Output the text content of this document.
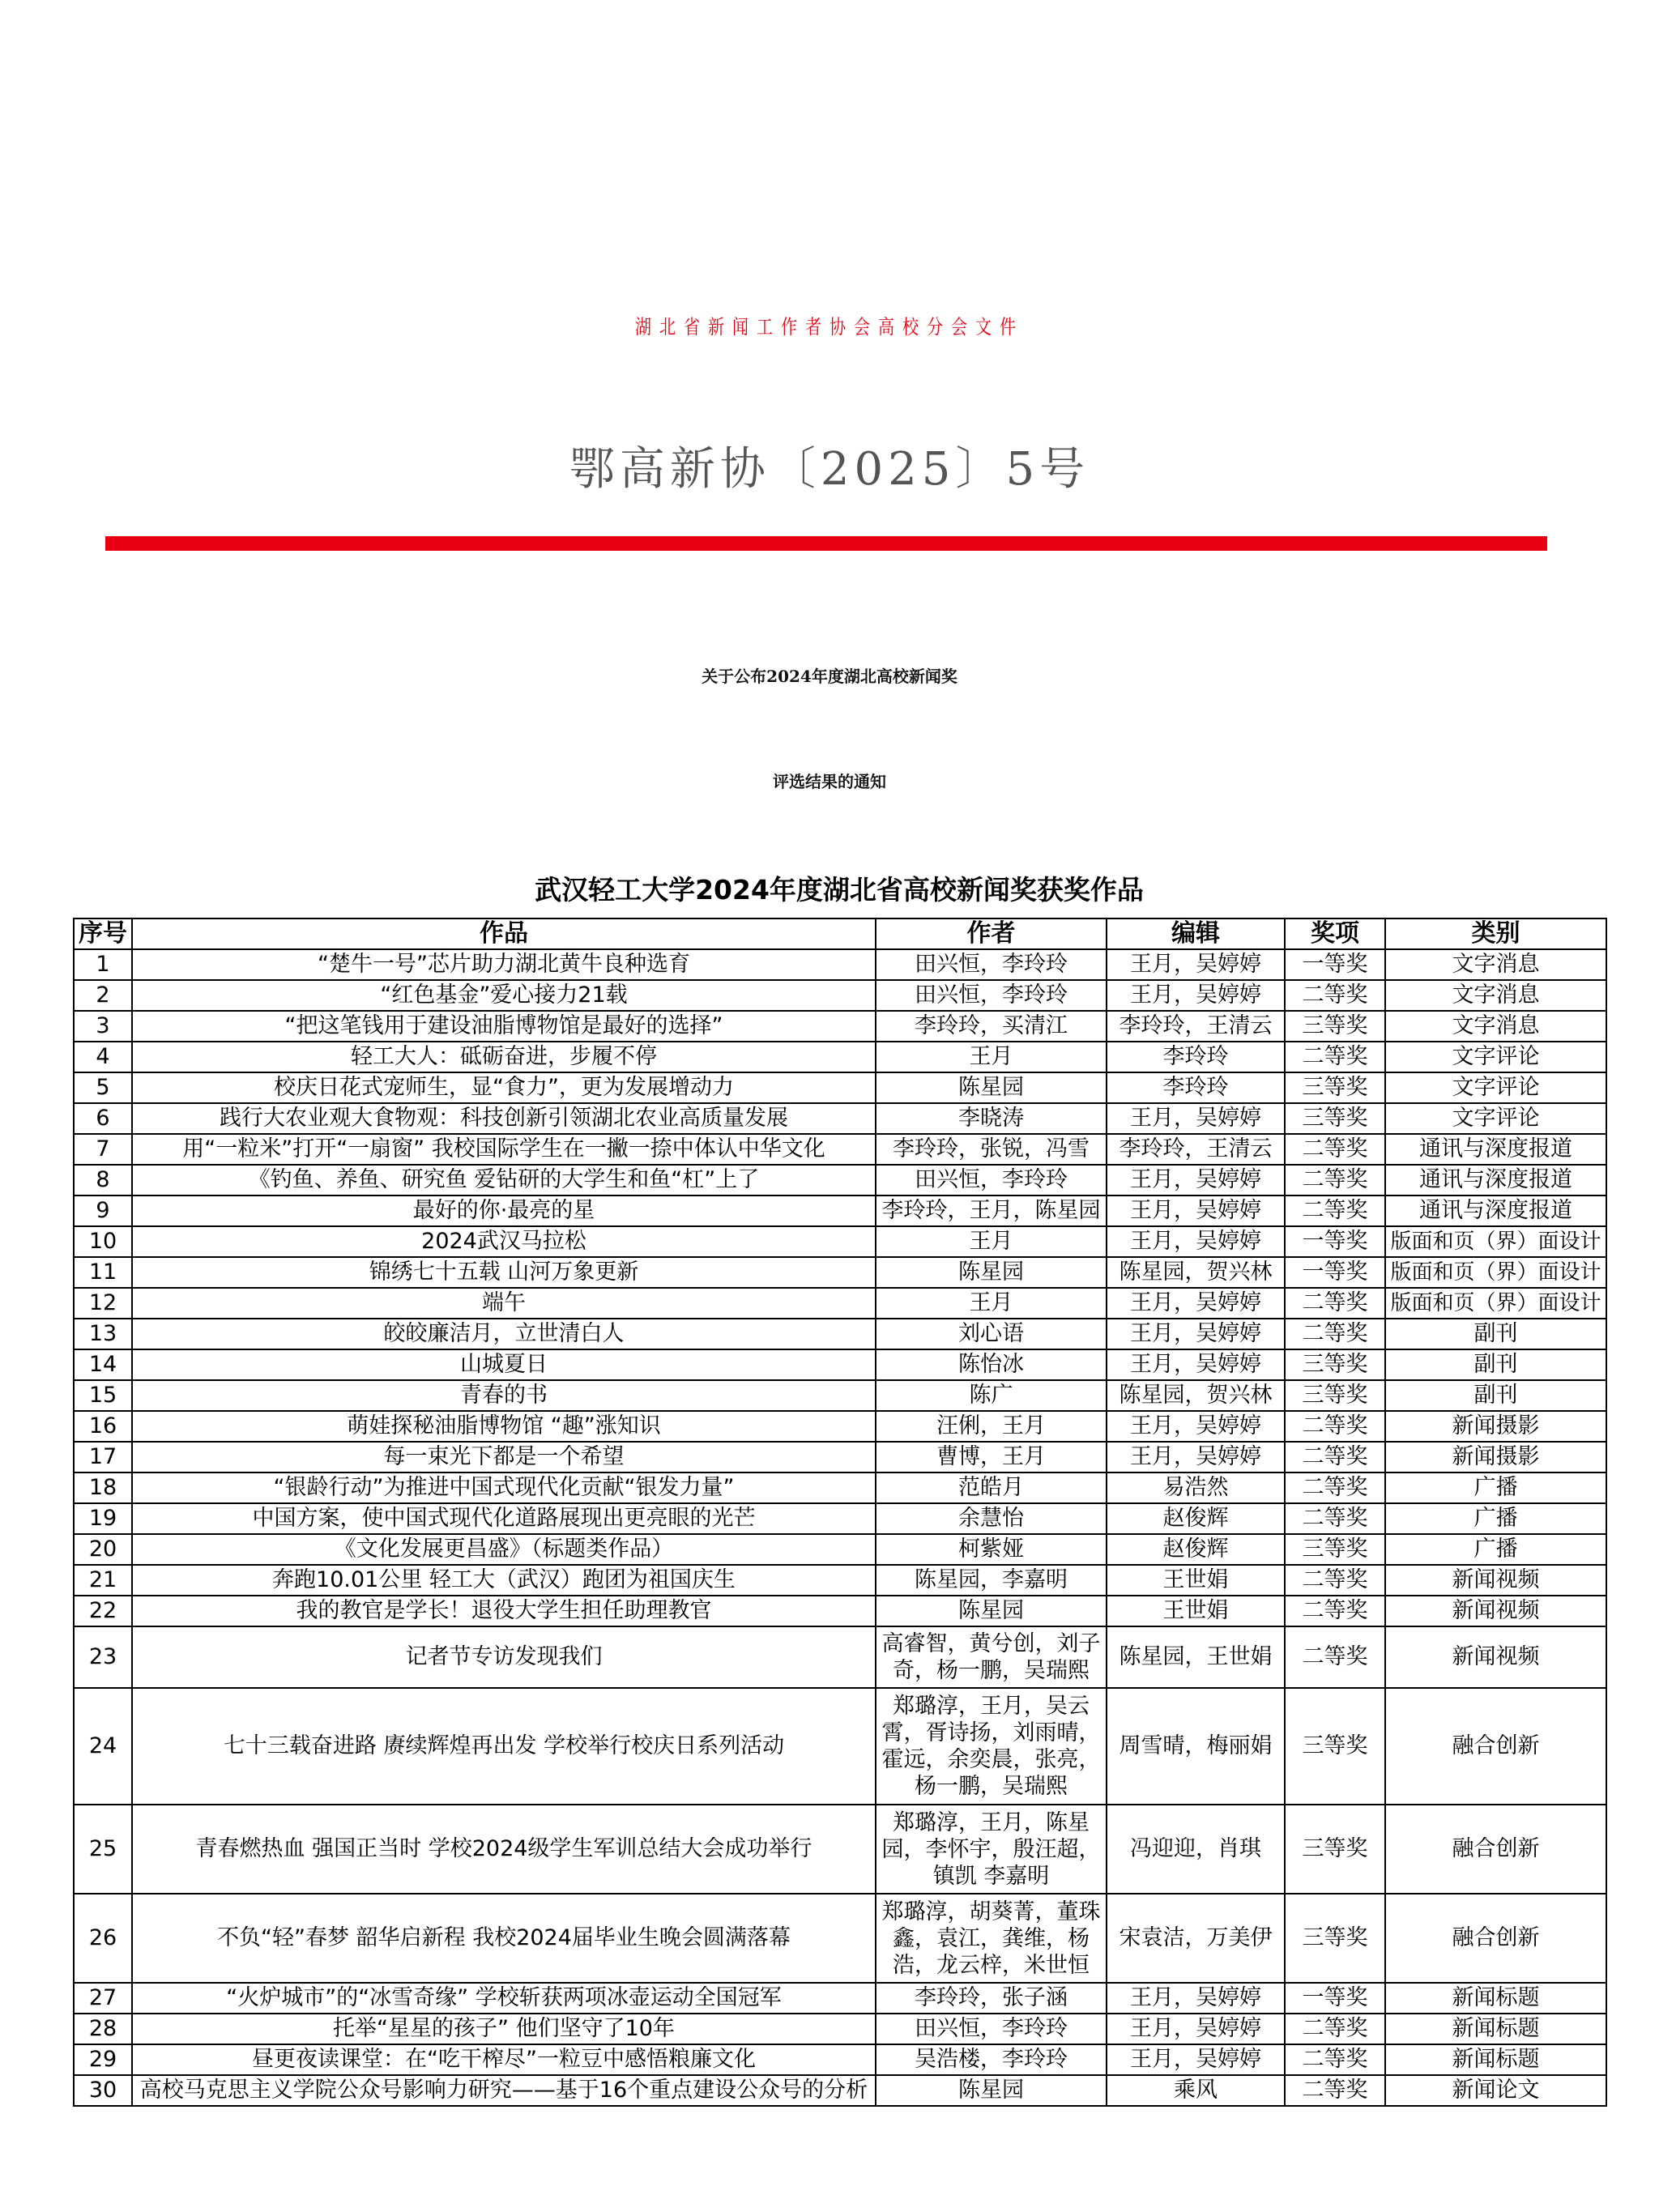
湖北省新闻工作者协会高校分会文件
鄂高新协〔2025〕5号
关于公布2024年度湖北高校新闻奖
评选结果的通知
武汉轻工大学2024年度湖北省高校新闻奖获奖作品
序号	作品	作者	编辑	奖项	类别
1	“楚牛一号”芯片助力湖北黄牛良种选育	田兴恒，李玲玲	王月，吴婷婷	一等奖	文字消息
2	“红色基金”爱心接力21载	田兴恒，李玲玲	王月，吴婷婷	二等奖	文字消息
3	“把这笔钱用于建设油脂博物馆是最好的选择”	李玲玲，买清江	李玲玲，王清云	三等奖	文字消息
4	轻工大人：砥砺奋进，步履不停	王月	李玲玲	二等奖	文字评论
5	校庆日花式宠师生，显“食力”，更为发展增动力	陈星园	李玲玲	三等奖	文字评论
6	践行大农业观大食物观：科技创新引领湖北农业高质量发展	李晓涛	王月，吴婷婷	三等奖	文字评论
7	用“一粒米”打开“一扇窗” 我校国际学生在一撇一捺中体认中华文化	李玲玲，张锐，冯雪	李玲玲，王清云	二等奖	通讯与深度报道
8	《钓鱼、养鱼、研究鱼 爱钻研的大学生和鱼“杠”上了	田兴恒，李玲玲	王月，吴婷婷	二等奖	通讯与深度报道
9	最好的你·最亮的星	李玲玲，王月，陈星园	王月，吴婷婷	二等奖	通讯与深度报道
10	2024武汉马拉松	王月	王月，吴婷婷	一等奖	版面和页（界）面设计
11	锦绣七十五载 山河万象更新	陈星园	陈星园，贺兴林	一等奖	版面和页（界）面设计
12	端午	王月	王月，吴婷婷	二等奖	版面和页（界）面设计
13	皎皎廉洁月，立世清白人	刘心语	王月，吴婷婷	二等奖	副刊
14	山城夏日	陈怡冰	王月，吴婷婷	三等奖	副刊
15	青春的书	陈广	陈星园，贺兴林	三等奖	副刊
16	萌娃探秘油脂博物馆 “趣”涨知识	汪俐，王月	王月，吴婷婷	二等奖	新闻摄影
17	每一束光下都是一个希望	曹博，王月	王月，吴婷婷	二等奖	新闻摄影
18	“银龄行动”为推进中国式现代化贡献“银发力量”	范皓月	易浩然	二等奖	广播
19	中国方案，使中国式现代化道路展现出更亮眼的光芒	余慧怡	赵俊辉	二等奖	广播
20	《文化发展更昌盛》（标题类作品）	柯紫娅	赵俊辉	三等奖	广播
21	奔跑10.01公里 轻工大（武汉）跑团为祖国庆生	陈星园，李嘉明	王世娟	二等奖	新闻视频
22	我的教官是学长！退役大学生担任助理教官	陈星园	王世娟	二等奖	新闻视频
23	记者节专访发现我们	高睿智，黄兮创，刘子奇，杨一鹏，吴瑞熙	陈星园，王世娟	二等奖	新闻视频
24	七十三载奋进路 赓续辉煌再出发 学校举行校庆日系列活动	郑璐淳，王月，吴云霄，胥诗扬，刘雨晴，霍远，余奕晨，张亮，杨一鹏，吴瑞熙	周雪晴，梅丽娟	三等奖	融合创新
25	青春燃热血 强国正当时 学校2024级学生军训总结大会成功举行	郑璐淳，王月，陈星园，李怀宇，殷汪超，镇凯 李嘉明	冯迎迎，肖琪	三等奖	融合创新
26	不负“轻”春梦 韶华启新程 我校2024届毕业生晚会圆满落幕	郑璐淳，胡葵菁，董珠鑫，袁江，龚维，杨浩，龙云梓，米世恒	宋袁洁，万美伊	三等奖	融合创新
27	“火炉城市”的“冰雪奇缘” 学校斩获两项冰壶运动全国冠军	李玲玲，张子涵	王月，吴婷婷	一等奖	新闻标题
28	托举“星星的孩子” 他们坚守了10年	田兴恒，李玲玲	王月，吴婷婷	二等奖	新闻标题
29	昼更夜读课堂：在“吃干榨尽”一粒豆中感悟粮廉文化	吴浩楼，李玲玲	王月，吴婷婷	二等奖	新闻标题
30	高校马克思主义学院公众号影响力研究——基于16个重点建设公众号的分析	陈星园	乘风	二等奖	新闻论文
